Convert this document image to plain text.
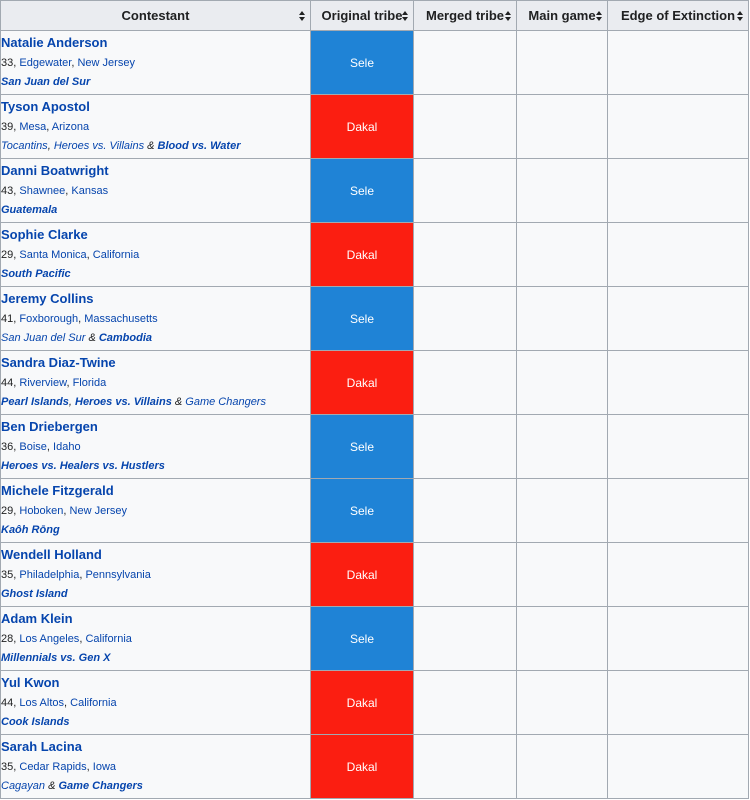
Contestant	Original tribe	Merged tribe	Main game	Edge of Extinction

Natalie Anderson
33, Edgewater, New Jersey
San Juan del Sur	Sele			

Tyson Apostol
39, Mesa, Arizona
Tocantins, Heroes vs. Villains & Blood vs. Water	Dakal			

Danni Boatwright
43, Shawnee, Kansas
Guatemala	Sele			

Sophie Clarke
29, Santa Monica, California
South Pacific	Dakal			

Jeremy Collins
41, Foxborough, Massachusetts
San Juan del Sur & Cambodia	Sele			

Sandra Diaz-Twine
44, Riverview, Florida
Pearl Islands, Heroes vs. Villains & Game Changers	Dakal			

Ben Driebergen
36, Boise, Idaho
Heroes vs. Healers vs. Hustlers	Sele			

Michele Fitzgerald
29, Hoboken, New Jersey
Kaôh Rōng	Sele			

Wendell Holland
35, Philadelphia, Pennsylvania
Ghost Island	Dakal			

Adam Klein
28, Los Angeles, California
Millennials vs. Gen X	Sele			

Yul Kwon
44, Los Altos, California
Cook Islands	Dakal			

Sarah Lacina
35, Cedar Rapids, Iowa
Cagayan & Game Changers	Dakal			
